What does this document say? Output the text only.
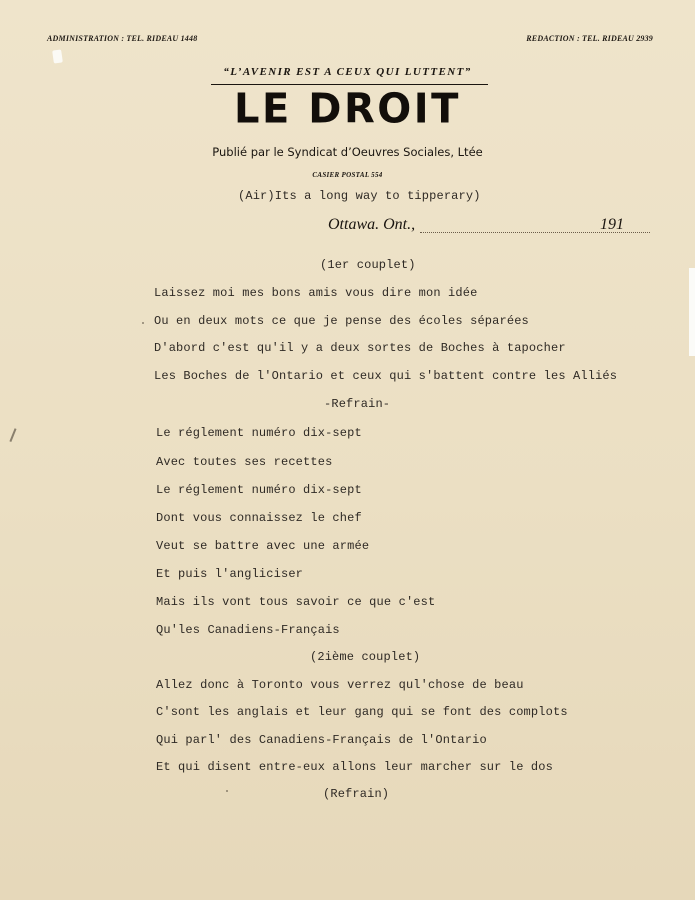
ADMINISTRATION : TEL. RIDEAU 1448	REDACTION : TEL. RIDEAU 2939
“L’AVENIR EST A CEUX QUI LUTTENT”
LE DROIT
Publié par le Syndicat d’Oeuvres Sociales, Ltée
CASIER POSTAL 554
(Air)Its a long way to tipperary)
Ottawa. Ont.,	191
(1er couplet)
Laissez moi mes bons amis vous dire mon idée
Ou en deux mots ce que je pense des écoles séparées
D'abord c'est qu'il y a deux sortes de Boches à tapocher
Les Boches de l'Ontario et ceux qui s'battent contre les Alliés
-Refrain-
Le réglement numéro dix-sept
Avec toutes ses recettes
Le réglement numéro dix-sept
Dont vous connaissez le chef
Veut se battre avec une armée
Et puis l'angliciser
Mais ils vont tous savoir ce que c'est
Qu'les Canadiens-Français
(2ième couplet)
Allez donc à Toronto vous verrez qul'chose de beau
C'sont les anglais et leur gang qui se font des complots
Qui parl' des Canadiens-Français de l'Ontario
Et qui disent entre-eux allons leur marcher sur le dos
(Refrain)
